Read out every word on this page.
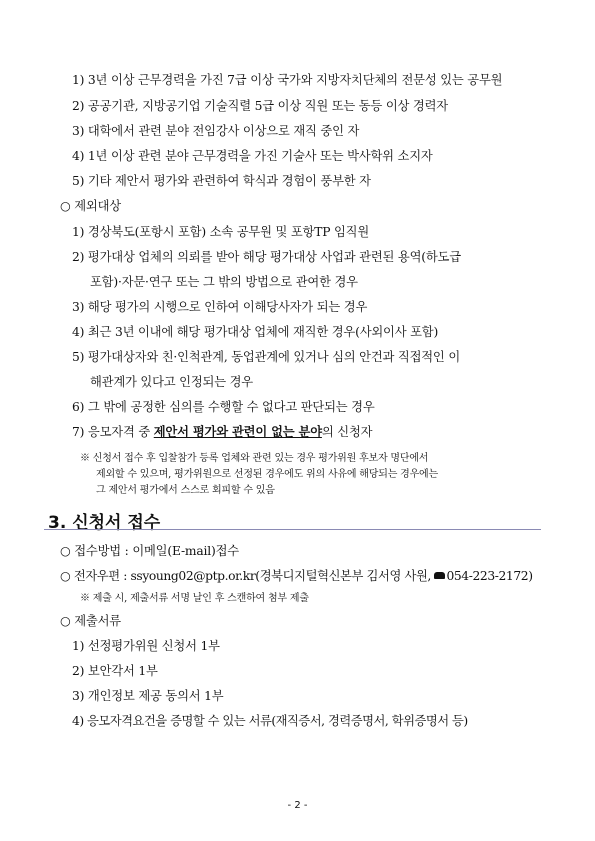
1) 3년 이상 근무경력을 가진 7급 이상 국가와 지방자치단체의 전문성 있는 공무원
2) 공공기관, 지방공기업 기술직렬 5급 이상 직원 또는 동등 이상 경력자
3) 대학에서 관련 분야 전임강사 이상으로 재직 중인 자
4) 1년 이상 관련 분야 근무경력을 가진 기술사 또는 박사학위 소지자
5) 기타 제안서 평가와 관련하여 학식과 경험이 풍부한 자
○ 제외대상
1) 경상북도(포항시 포함) 소속 공무원 및 포항TP 임직원
2) 평가대상 업체의 의뢰를 받아 해당 평가대상 사업과 관련된 용역(하도급
포함)·자문·연구 또는 그 밖의 방법으로 관여한 경우
3) 해당 평가의 시행으로 인하여 이해당사자가 되는 경우
4) 최근 3년 이내에 해당 평가대상 업체에 재직한 경우(사외이사 포함)
5) 평가대상자와 친·인척관계, 동업관계에 있거나 심의 안건과 직접적인 이
해관계가 있다고 인정되는 경우
6) 그 밖에 공정한 심의를 수행할 수 없다고 판단되는 경우
7) 응모자격 중 제안서 평가와 관련이 없는 분야의 신청자
※ 신청서 접수 후 입찰참가 등록 업체와 관련 있는 경우 평가위원 후보자 명단에서
제외할 수 있으며, 평가위원으로 선정된 경우에도 위의 사유에 해당되는 경우에는
그 제안서 평가에서 스스로 회피할 수 있음
3. 신청서 접수
○ 접수방법 : 이메일(E-mail)접수
○ 전자우편 : ssyoung02@ptp.or.kr(경북디지털혁신본부 김서영 사원, 054-223-2172)
※ 제출 시, 제출서류 서명 날인 후 스캔하여 첨부 제출
○ 제출서류
1) 선정평가위원 신청서 1부
2) 보안각서 1부
3) 개인정보 제공 동의서 1부
4) 응모자격요건을 증명할 수 있는 서류(재직증서, 경력증명서, 학위증명서 등)
- 2 -
